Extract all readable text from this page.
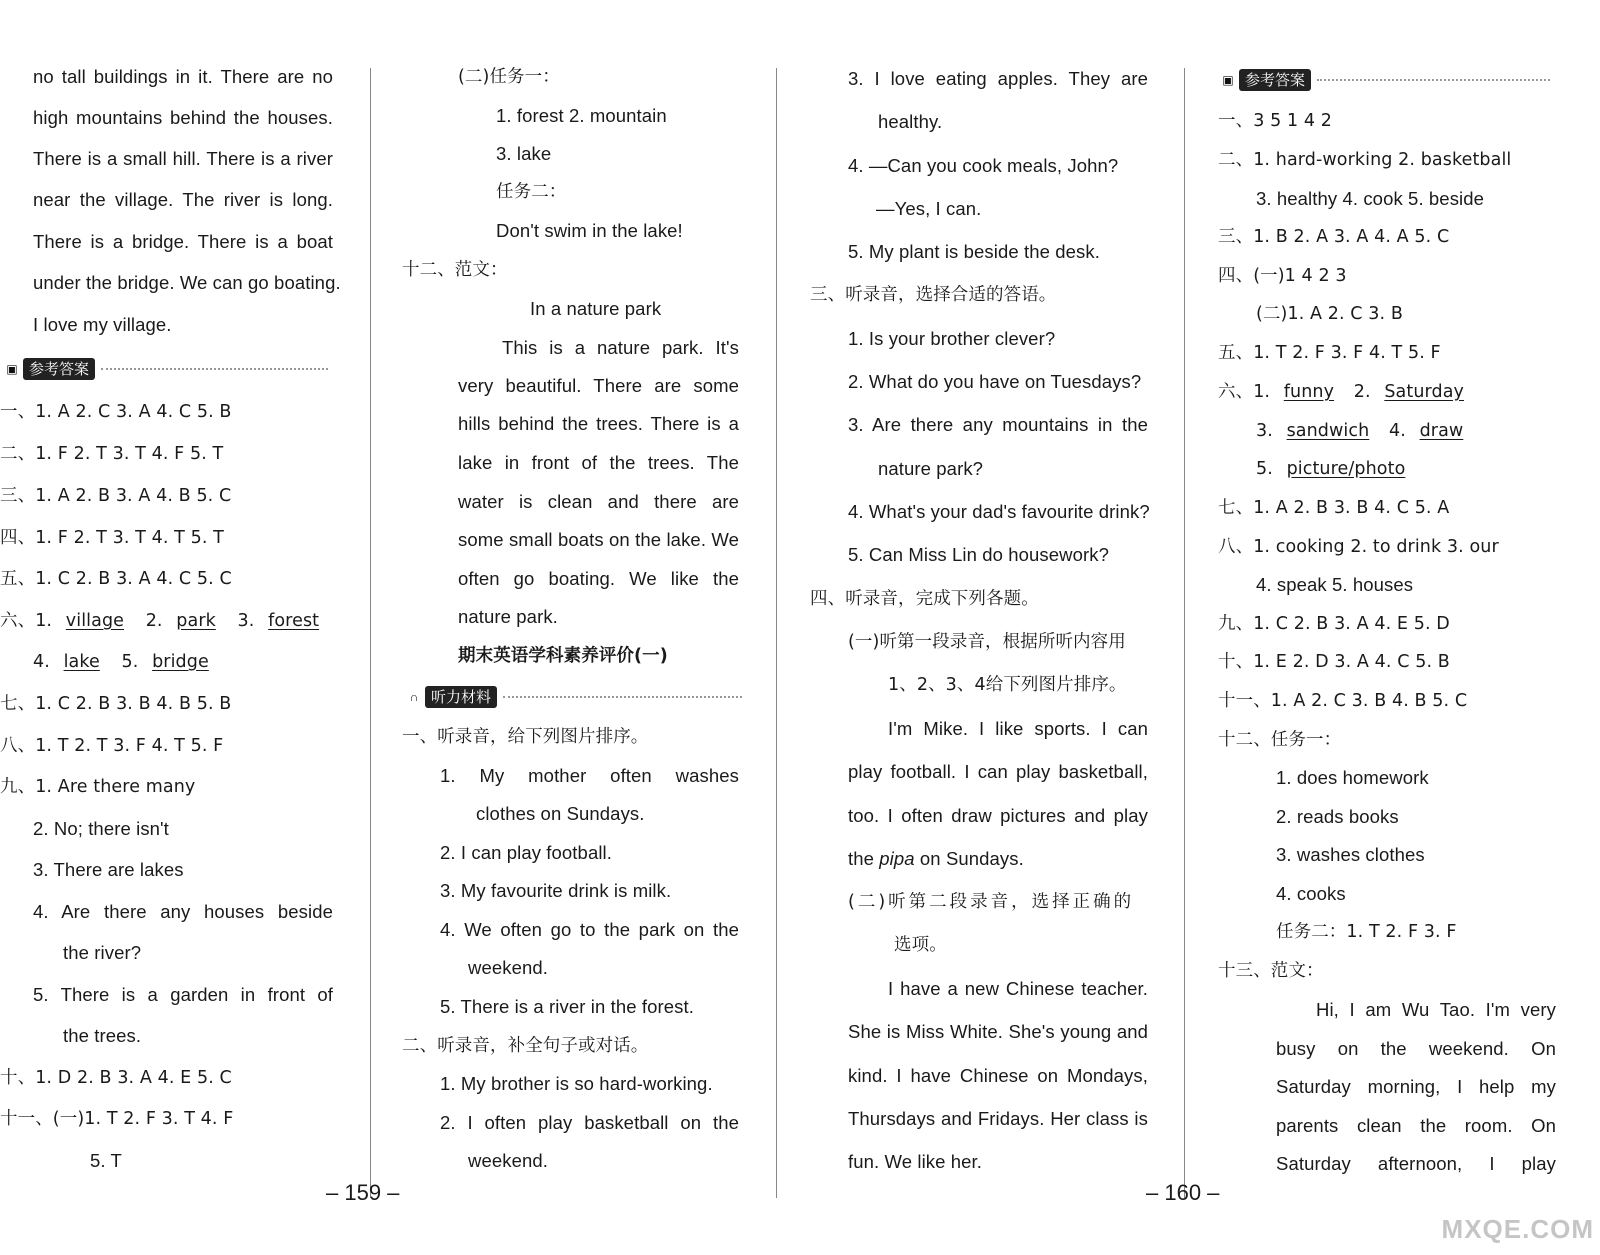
no tall buildings in it. There are no
high mountains behind the houses.
There is a small hill. There is a river
near the village. The river is long.
There is a bridge. There is a boat
under the bridge. We can go boating.
I love my village.
▣ 参考答案
一、1. A 2. C 3. A 4. C 5. B
二、1. F 2. T 3. T 4. F 5. T
三、1. A 2. B 3. A 4. B 5. C
四、1. F 2. T 3. T 4. T 5. T
五、1. C 2. B 3. A 4. C 5. C
六、1. village 2. park 3. forest
4. lake 5. bridge
七、1. C 2. B 3. B 4. B 5. B
八、1. T 2. T 3. F 4. T 5. F
九、1. Are there many
2. No; there isn't
3. There are lakes
4. Are there any houses beside
the river?
5. There is a garden in front of
the trees.
十、1. D 2. B 3. A 4. E 5. C
十一、(一)1. T 2. F 3. T 4. F
5. T
(二)任务一：
1. forest 2. mountain
3. lake
任务二：
Don't swim in the lake!
十二、范文：
In a nature park
This is a nature park. It's
very beautiful. There are some
hills behind the trees. There is a
lake in front of the trees. The
water is clean and there are
some small boats on the lake. We
often go boating. We like the
nature park.
期末英语学科素养评价(一)
∩ 听力材料
一、听录音，给下列图片排序。
1. My mother often washes
clothes on Sundays.
2. I can play football.
3. My favourite drink is milk.
4. We often go to the park on the
weekend.
5. There is a river in the forest.
二、听录音，补全句子或对话。
1. My brother is so hard-working.
2. I often play basketball on the
weekend.
– 159 –
3. I love eating apples. They are
healthy.
4. —Can you cook meals, John?
—Yes, I can.
5. My plant is beside the desk.
三、听录音，选择合适的答语。
1. Is your brother clever?
2. What do you have on Tuesdays?
3. Are there any mountains in the
nature park?
4. What's your dad's favourite drink?
5. Can Miss Lin do housework?
四、听录音，完成下列各题。
(一)听第一段录音，根据所听内容用
1、2、3、4给下列图片排序。
I'm Mike. I like sports. I can
play football. I can play basketball,
too. I often draw pictures and play
the pipa on Sundays.
(二)听第二段录音，选择正确的
选项。
I have a new Chinese teacher.
She is Miss White. She's young and
kind. I have Chinese on Mondays,
Thursdays and Fridays. Her class is
fun. We like her.
▣ 参考答案
一、3 5 1 4 2
二、1. hard-working 2. basketball
3. healthy 4. cook 5. beside
三、1. B 2. A 3. A 4. A 5. C
四、(一)1 4 2 3
(二)1. A 2. C 3. B
五、1. T 2. F 3. F 4. T 5. F
六、1. funny 2. Saturday
3. sandwich 4. draw
5. picture/photo
七、1. A 2. B 3. B 4. C 5. A
八、1. cooking 2. to drink 3. our
4. speak 5. houses
九、1. C 2. B 3. A 4. E 5. D
十、1. E 2. D 3. A 4. C 5. B
十一、1. A 2. C 3. B 4. B 5. C
十二、任务一：
1. does homework
2. reads books
3. washes clothes
4. cooks
任务二：1. T 2. F 3. F
十三、范文：
Hi, I am Wu Tao. I'm very
busy on the weekend. On
Saturday morning, I help my
parents clean the room. On
Saturday afternoon, I play
– 160 –
MXQE.COM
